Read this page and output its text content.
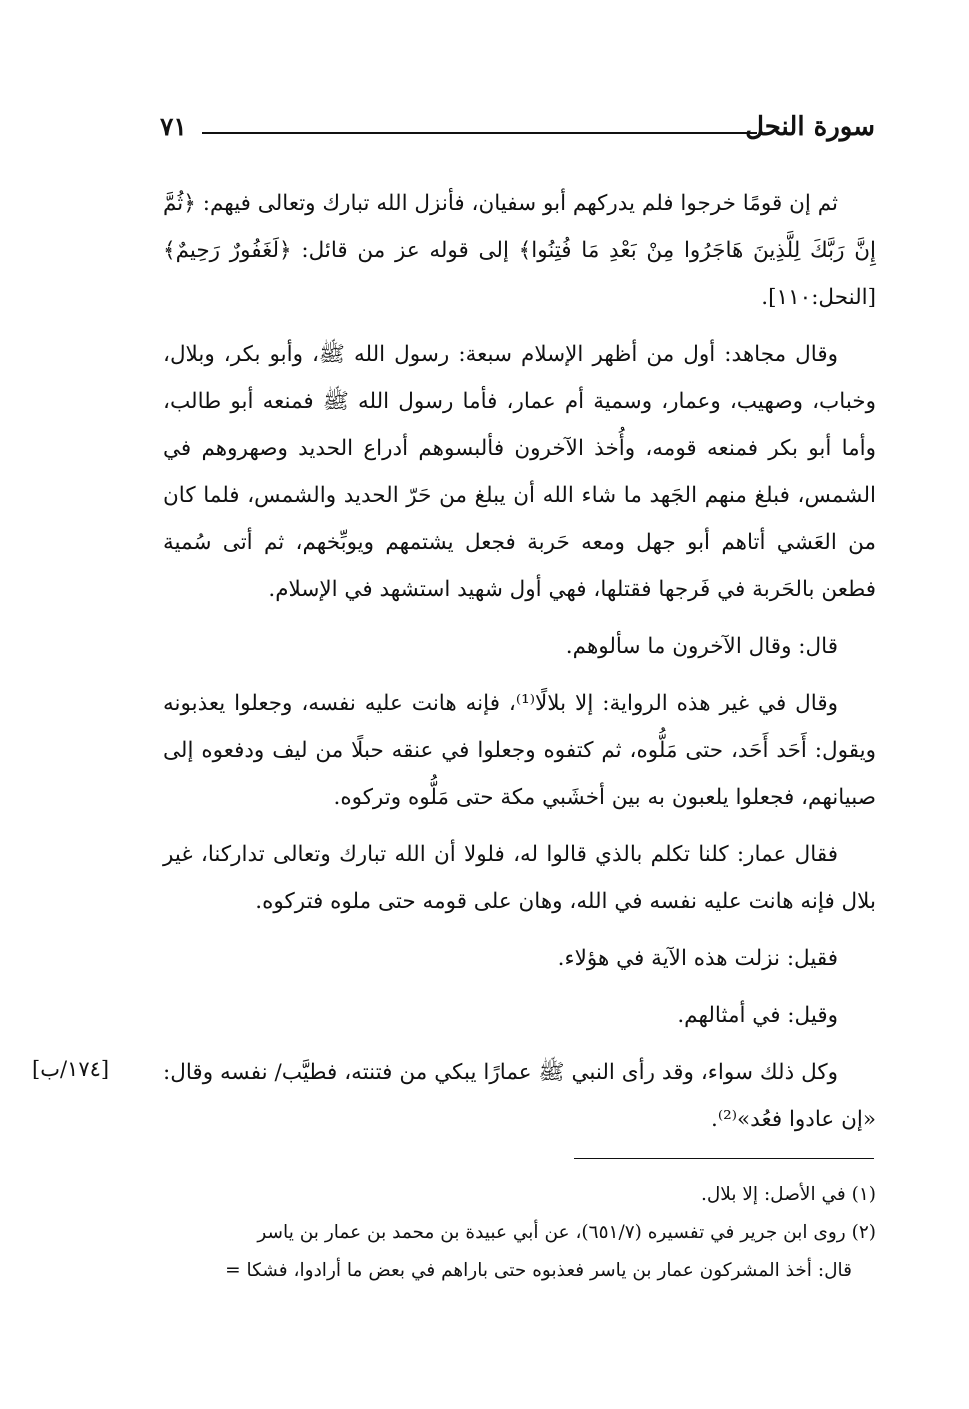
سورة النحل
٧١

ثم إن قومًا خرجوا فلم يدركهم أبو سفيان، فأنزل الله تبارك وتعالى فيهم: ﴿ثُمَّ إِنَّ رَبَّكَ لِلَّذِينَ هَاجَرُوا مِنْ بَعْدِ مَا فُتِنُوا﴾ إلى قوله عز من قائل: ﴿لَغَفُورٌ رَحِيمٌ﴾ [النحل:١١٠].

وقال مجاهد: أول من أظهر الإسلام سبعة: رسول الله ﷺ، وأبو بكر، وبلال، وخباب، وصهيب، وعمار، وسمية أم عمار، فأما رسول الله ﷺ فمنعه أبو طالب، وأما أبو بكر فمنعه قومه، وأُخذ الآخرون فألبسوهم أدراع الحديد وصهروهم في الشمس، فبلغ منهم الجَهد ما شاء الله أن يبلغ من حَرّ الحديد والشمس، فلما كان من العَشي أتاهم أبو جهل ومعه حَربة فجعل يشتمهم ويوبِّخهم، ثم أتى سُمية فطعن بالحَربة في فَرجها فقتلها، فهي أول شهيد استشهد في الإسلام.

قال: وقال الآخرون ما سألوهم.

وقال في غير هذه الرواية: إلا بلالًا⁽¹⁾، فإنه هانت عليه نفسه، وجعلوا يعذبونه ويقول: أَحَد أَحَد، حتى مَلُّوه، ثم كتفوه وجعلوا في عنقه حبلًا من ليف ودفعوه إلى صبيانهم، فجعلوا يلعبون به بين أخشَبي مكة حتى مَلُّوه وتركوه.

فقال عمار: كلنا تكلم بالذي قالوا له، فلولا أن الله تبارك وتعالى تداركنا، غير بلال فإنه هانت عليه نفسه في الله، وهان على قومه حتى ملوه فتركوه.

فقيل: نزلت هذه الآية في هؤلاء.

وقيل: في أمثالهم.

وكل ذلك سواء، وقد رأى النبي ﷺ عمارًا يبكي من فتنته، فطيَّب/ نفسه وقال: «إن عادوا فعُد»⁽²⁾.

[١٧٤/ب]

(١) في الأصل: إلا بلال.

(٢) روى ابن جرير في تفسيره (٦٥١/٧)، عن أبي عبيدة بن محمد بن عمار بن ياسر

قال: أخذ المشركون عمار بن ياسر فعذبوه حتى باراهم في بعض ما أرادوا، فشكا =
